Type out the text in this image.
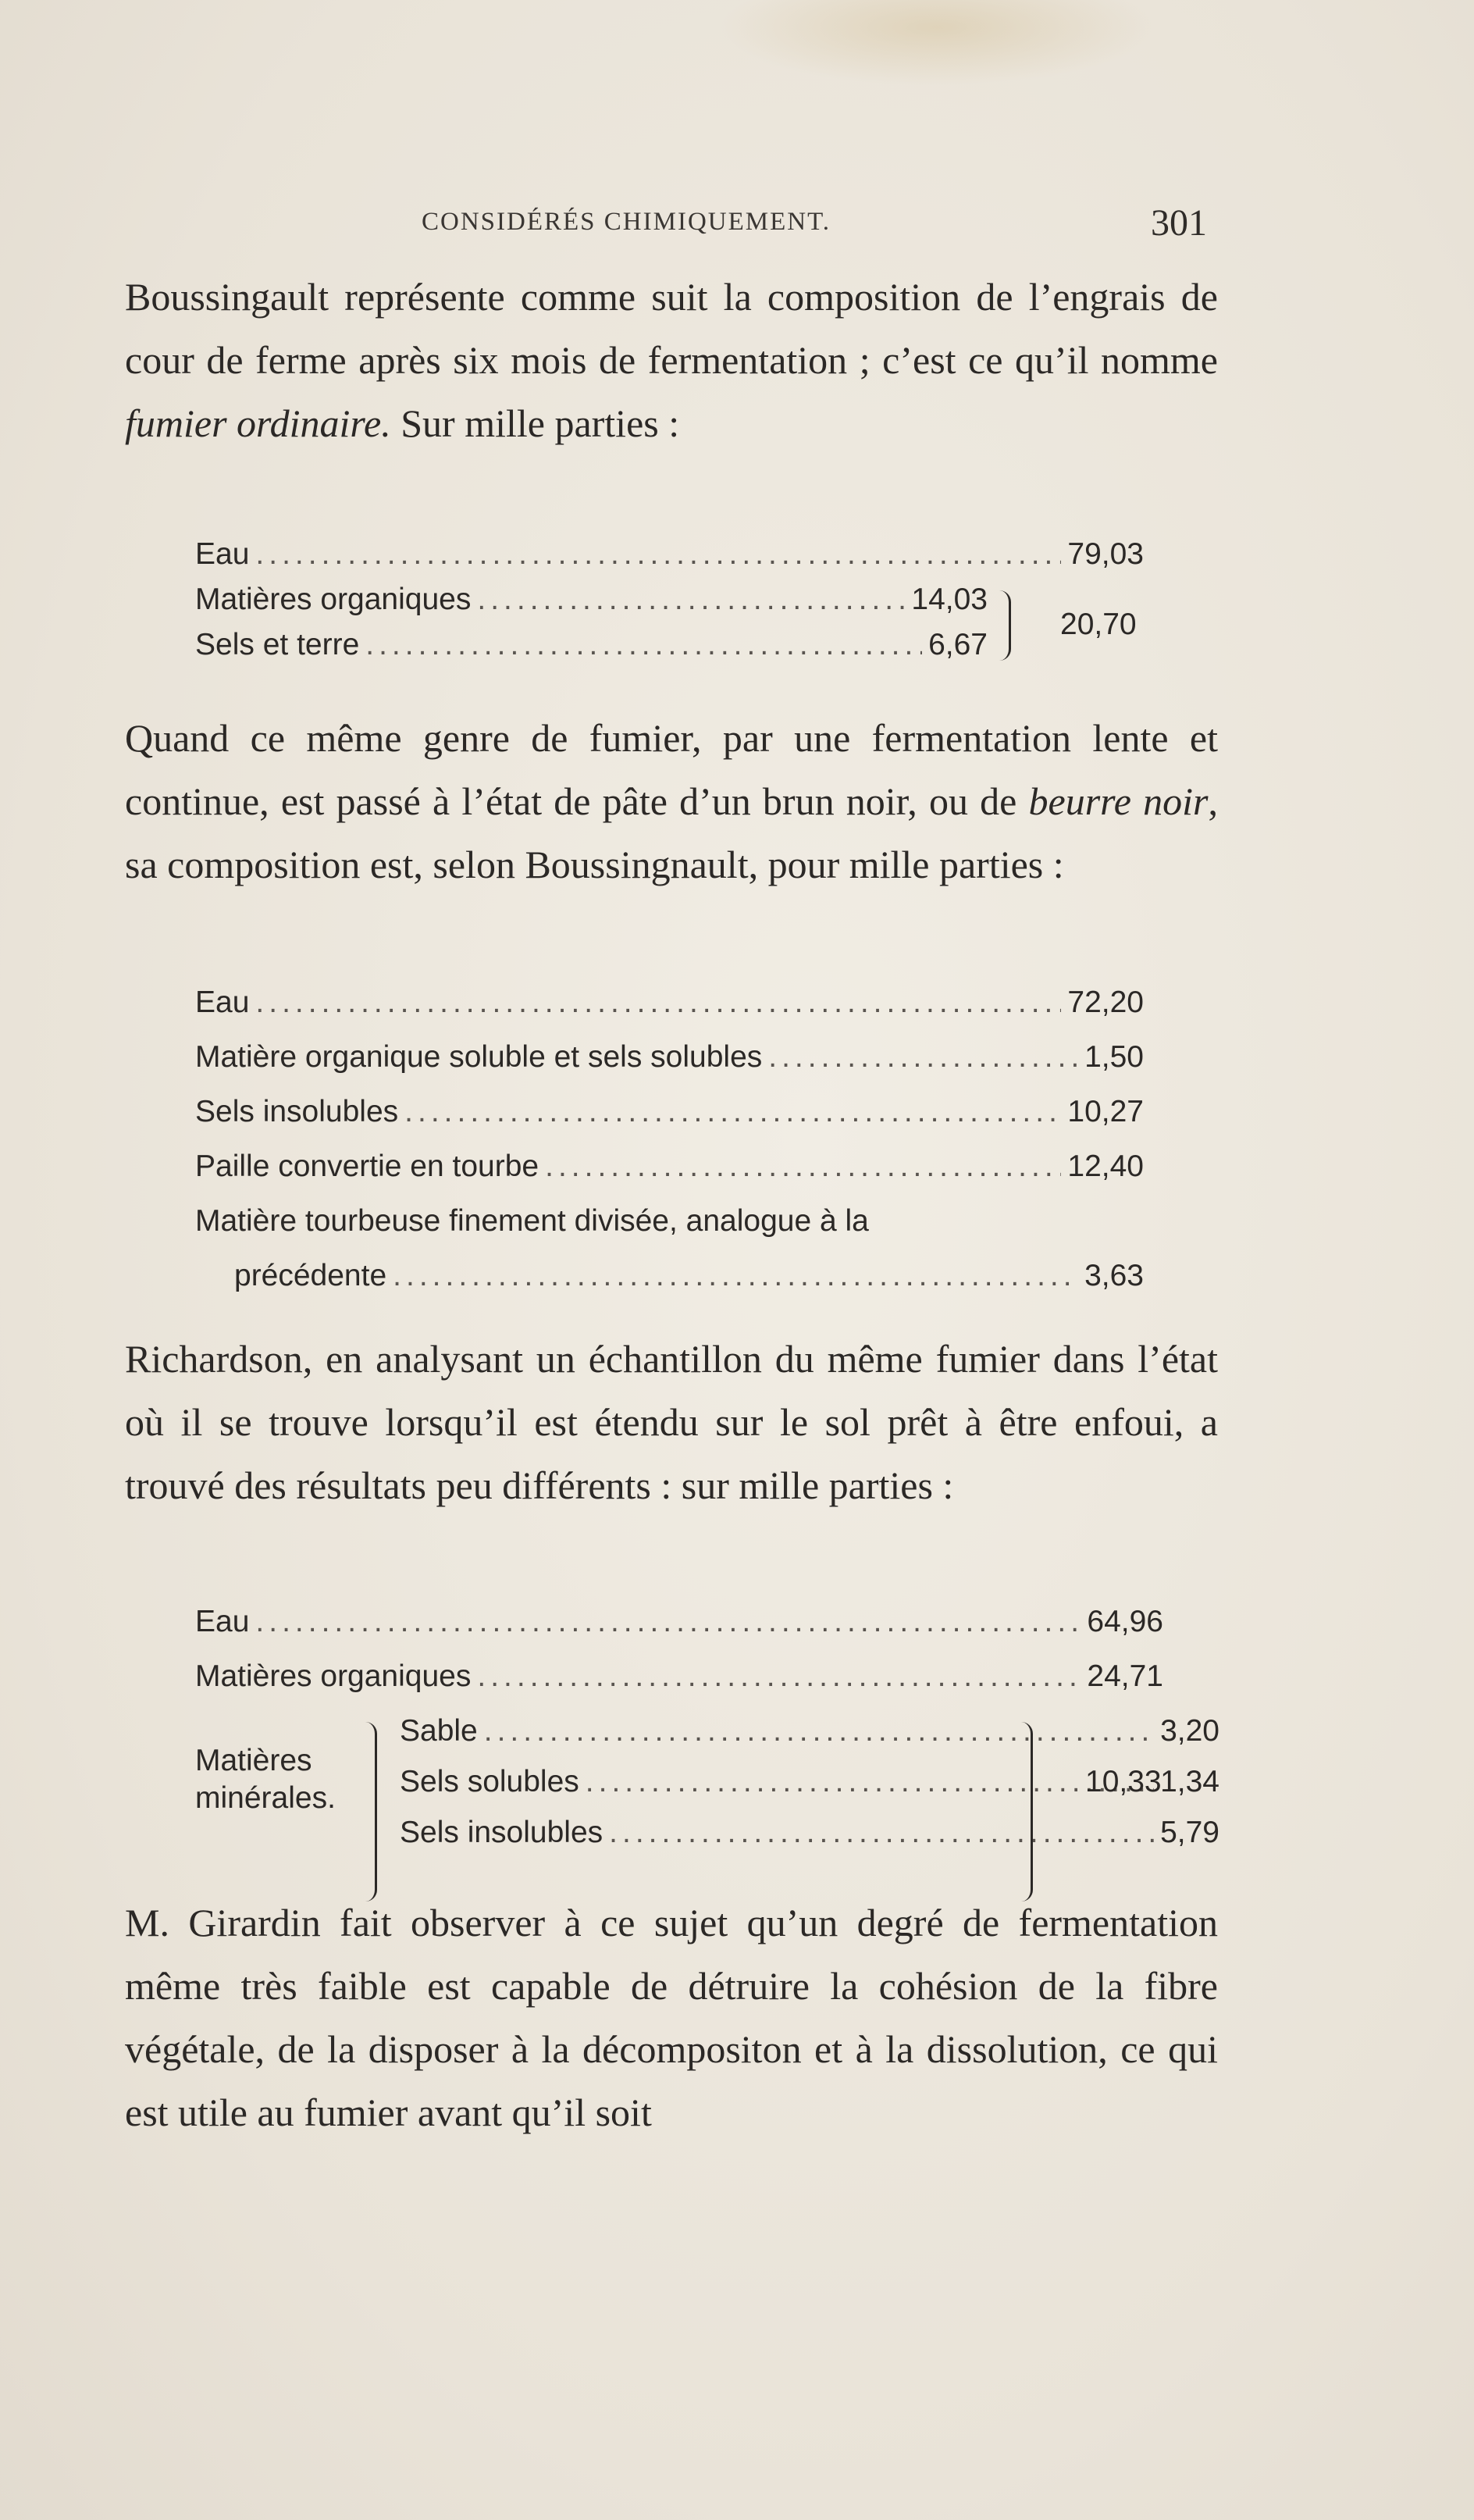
CONSIDÉRÉS CHIMIQUEMENT.	301
Boussingault représente comme suit la composition de l’engrais de cour de ferme après six mois de fermentation ; c’est ce qu’il nomme fumier ordinaire. Sur mille parties :
Eau .....	79,03
Matières organiques .....	14,03
Sels et terre .....	6,67
20,70
Quand ce même genre de fumier, par une fermentation lente et continue, est passé à l’état de pâte d’un brun noir, ou de beurre noir, sa composition est, selon Boussingnault, pour mille parties :
Eau .....	72,20
Matière organique soluble et sels solubles .....	1,50
Sels insolubles .....	10,27
Paille convertie en tourbe .....	12,40
Matière tourbeuse finement divisée, analogue à la
précédente .....	3,63
Richardson, en analysant un échantillon du même fumier dans l’état où il se trouve lorsqu’il est étendu sur le sol prêt à être enfoui, a trouvé des résultats peu différents : sur mille parties :
Eau .....	64,96
Matières organiques .....	24,71
Matières
minérales.
Sable .....	3,20
Sels solubles .....	1,34
Sels insolubles .....	5,79
10,33
M. Girardin fait observer à ce sujet qu’un degré de fermentation même très faible est capable de détruire la cohésion de la fibre végétale, de la disposer à la décompositon et à la dissolution, ce qui est utile au fumier avant qu’il soit
